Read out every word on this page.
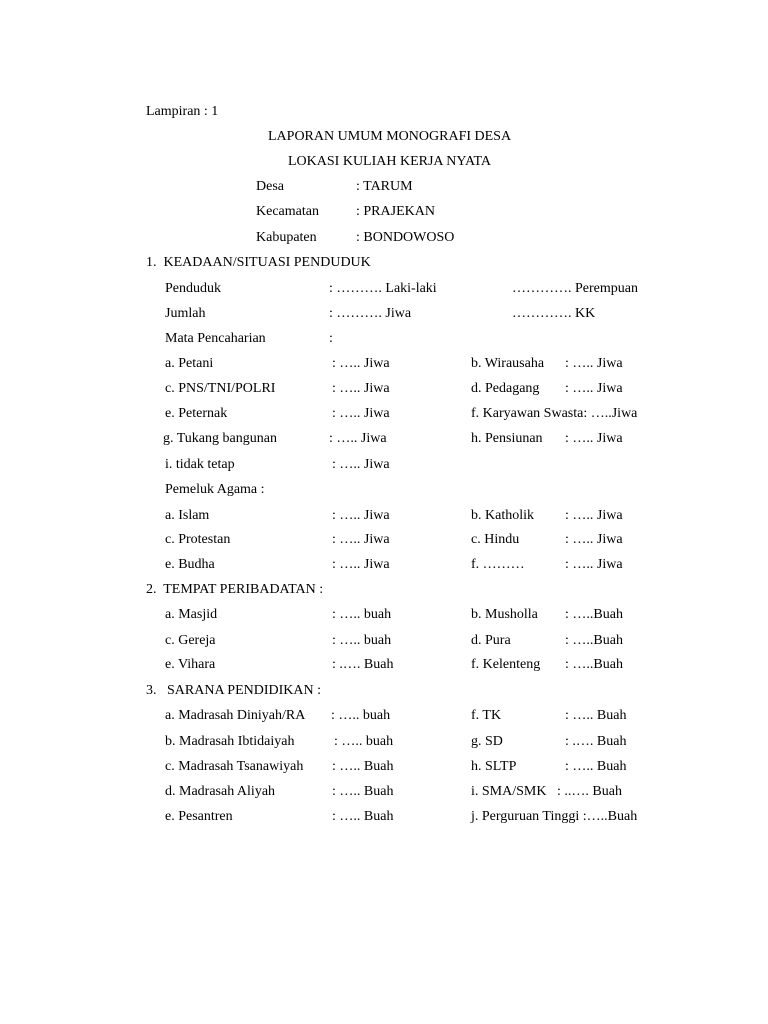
Lampiran : 1
LAPORAN UMUM MONOGRAFI DESA
LOKASI KULIAH KERJA NYATA
Desa	: TARUM
Kecamatan	: PRAJEKAN
Kabupaten	: BONDOWOSO
1.  KEADAAN/SITUASI PENDUDUK
Penduduk	: ………. Laki-laki	…………. Perempuan
Jumlah	: ………. Jiwa	…………. KK
Mata Pencaharian	:
a. Petani	: ….. Jiwa	b. Wirausaha : ….. Jiwa
c. PNS/TNI/POLRI	: ….. Jiwa	d. Pedagang : ….. Jiwa
e. Peternak	: ….. Jiwa	f. Karyawan Swasta: …..Jiwa
g. Tukang bangunan	: ….. Jiwa	h. Pensiunan : ….. Jiwa
i. tidak tetap	: ….. Jiwa
Pemeluk Agama :
a. Islam	: ….. Jiwa	b. Katholik : ….. Jiwa
c. Protestan	: ….. Jiwa	c. Hindu	: ….. Jiwa
e. Budha	: ….. Jiwa	f. ………	: ….. Jiwa
2.  TEMPAT PERIBADATAN :
a. Masjid	: ….. buah	b. Musholla : …..Buah
c. Gereja	: ….. buah	d. Pura	: …..Buah
e. Vihara	: .…. Buah	f. Kelenteng : …..Buah
3.   SARANA PENDIDIKAN :
a. Madrasah Diniyah/RA : ….. buah	f. TK	: ….. Buah
b. Madrasah Ibtidaiyah	: ….. buah	g. SD	: .…. Buah
c. Madrasah Tsanawiyah : ….. Buah	h. SLTP	: ….. Buah
d. Madrasah Aliyah	: ….. Buah	i. SMA/SMK : ..…. Buah
e. Pesantren	: ….. Buah	j. Perguruan Tinggi :…..Buah
